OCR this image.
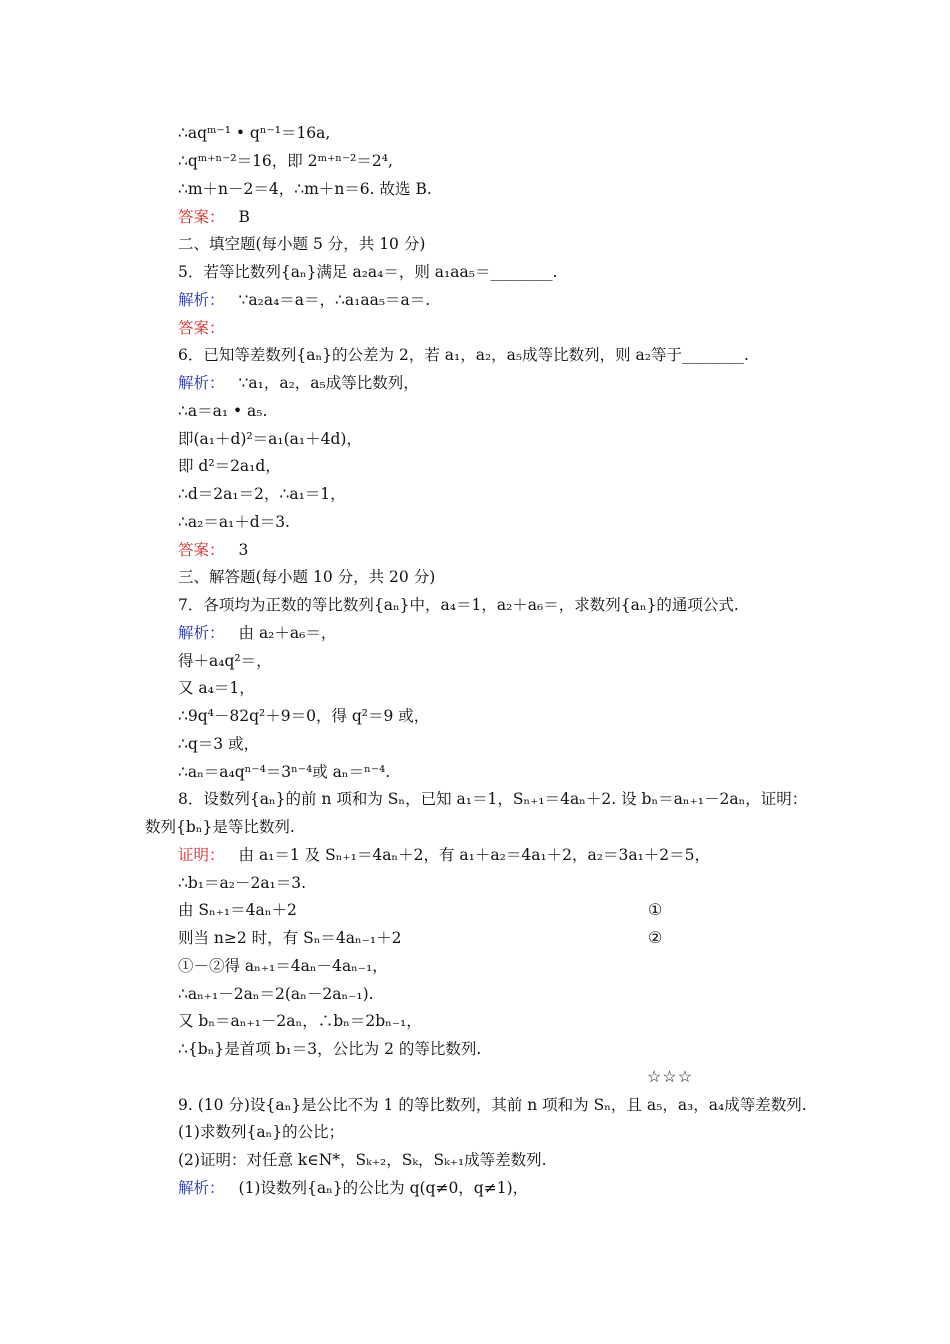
∴aqᵐ⁻¹ • qⁿ⁻¹＝16a,
∴qᵐ⁺ⁿ⁻²＝16，即 2ᵐ⁺ⁿ⁻²＝2⁴,
∴m＋n－2＝4，∴m＋n＝6. 故选 B.
答案： B
二、填空题(每小题 5 分，共 10 分)
5．若等比数列{aₙ}满足 a₂a₄＝，则 a₁aa₅＝________.
解析： ∵a₂a₄＝a＝，∴a₁aa₅＝a＝.
答案：
6．已知等差数列{aₙ}的公差为 2，若 a₁，a₂，a₅成等比数列，则 a₂等于________.
解析： ∵a₁，a₂，a₅成等比数列，
∴a＝a₁ • a₅.
即(a₁＋d)²＝a₁(a₁＋4d)，
即 d²＝2a₁d，
∴d＝2a₁＝2，∴a₁＝1，
∴a₂＝a₁＋d＝3.
答案： 3
三、解答题(每小题 10 分，共 20 分)
7．各项均为正数的等比数列{aₙ}中，a₄＝1，a₂＋a₆＝，求数列{aₙ}的通项公式.
解析： 由 a₂＋a₆＝，
得＋a₄q²＝，
又 a₄＝1，
∴9q⁴－82q²＋9＝0，得 q²＝9 或，
∴q＝3 或，
∴aₙ＝a₄qⁿ⁻⁴＝3ⁿ⁻⁴或 aₙ＝ⁿ⁻⁴.
8．设数列{aₙ}的前 n 项和为 Sₙ，已知 a₁＝1，Sₙ₊₁＝4aₙ＋2. 设 bₙ＝aₙ₊₁－2aₙ，证明：
数列{bₙ}是等比数列.
证明： 由 a₁＝1 及 Sₙ₊₁＝4aₙ＋2，有 a₁＋a₂＝4a₁＋2，a₂＝3a₁＋2＝5，
∴b₁＝a₂－2a₁＝3.
由 Sₙ₊₁＝4aₙ＋2	①
则当 n≥2 时，有 Sₙ＝4aₙ₋₁＋2	②
①－②得 aₙ₊₁＝4aₙ－4aₙ₋₁，
∴aₙ₊₁－2aₙ＝2(aₙ－2aₙ₋₁).
又 bₙ＝aₙ₊₁－2aₙ，∴bₙ＝2bₙ₋₁，
∴{bₙ}是首项 b₁＝3，公比为 2 的等比数列.
☆☆☆
9. (10 分)设{aₙ}是公比不为 1 的等比数列，其前 n 项和为 Sₙ，且 a₅，a₃，a₄成等差数列.
(1)求数列{aₙ}的公比；
(2)证明：对任意 k∈N*，Sₖ₊₂，Sₖ，Sₖ₊₁成等差数列.
解析： (1)设数列{aₙ}的公比为 q(q≠0，q≠1)，
